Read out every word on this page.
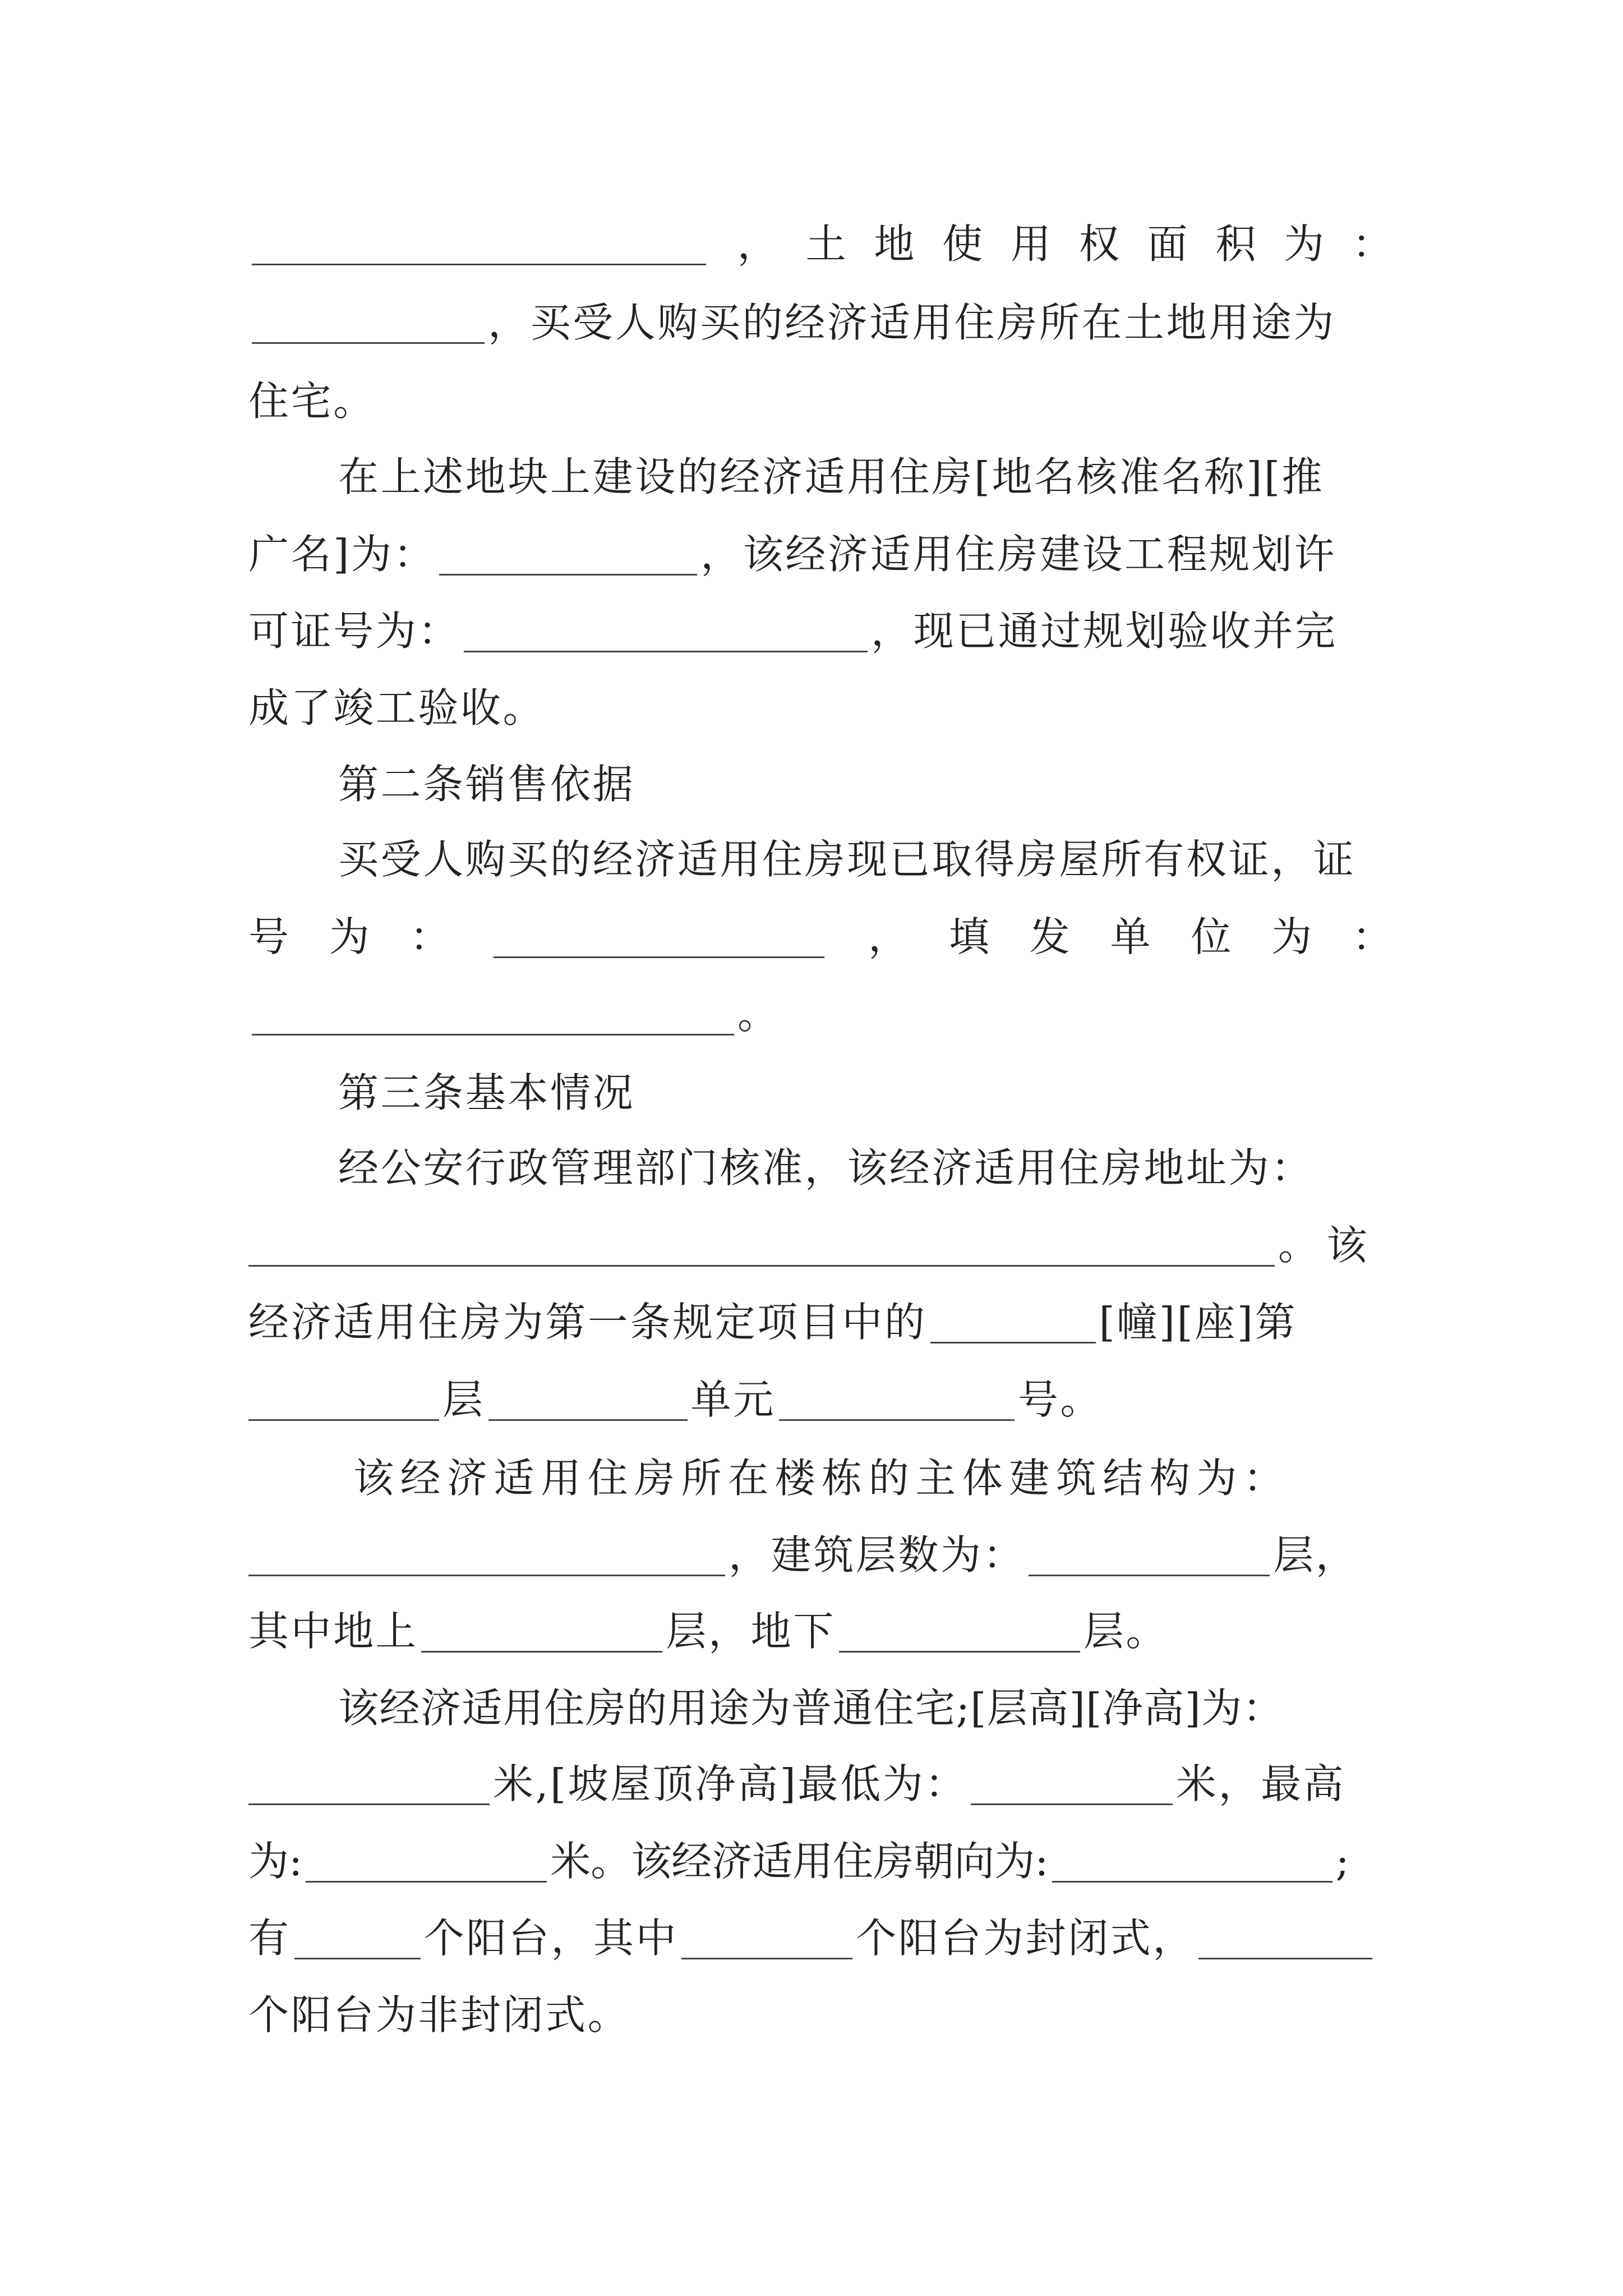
， 土 地 使 用 权 面 积 为 ：
，买受人购买的经济适用住房所在土地用途为
住宅。
在上述地块上建设的经济适用住房[地名核准名称][推
广名]为：	，该经济适用住房建设工程规划许
可证号为：	，现已通过规划验收并完
成了竣工验收。
第二条销售依据
买受人购买的经济适用住房现已取得房屋所有权证，证
号 为 ：	， 填 发 单 位 为 ：
。
第三条基本情况
经公安行政管理部门核准，该经济适用住房地址为：
。该
经济适用住房为第一条规定项目中的	[幢][座]第
层	单元	号。
该经济适用住房所在楼栋的主体建筑结构为：
，建筑层数为：	层，
其中地上	层，地下	层。
该经济适用住房的用途为普通住宅;[层高][净高]为：
米,[坡屋顶净高]最低为：	米，最高
为:	米。该经济适用住房朝向为:	;
有	个阳台，其中	个阳台为封闭式，
个阳台为非封闭式。
